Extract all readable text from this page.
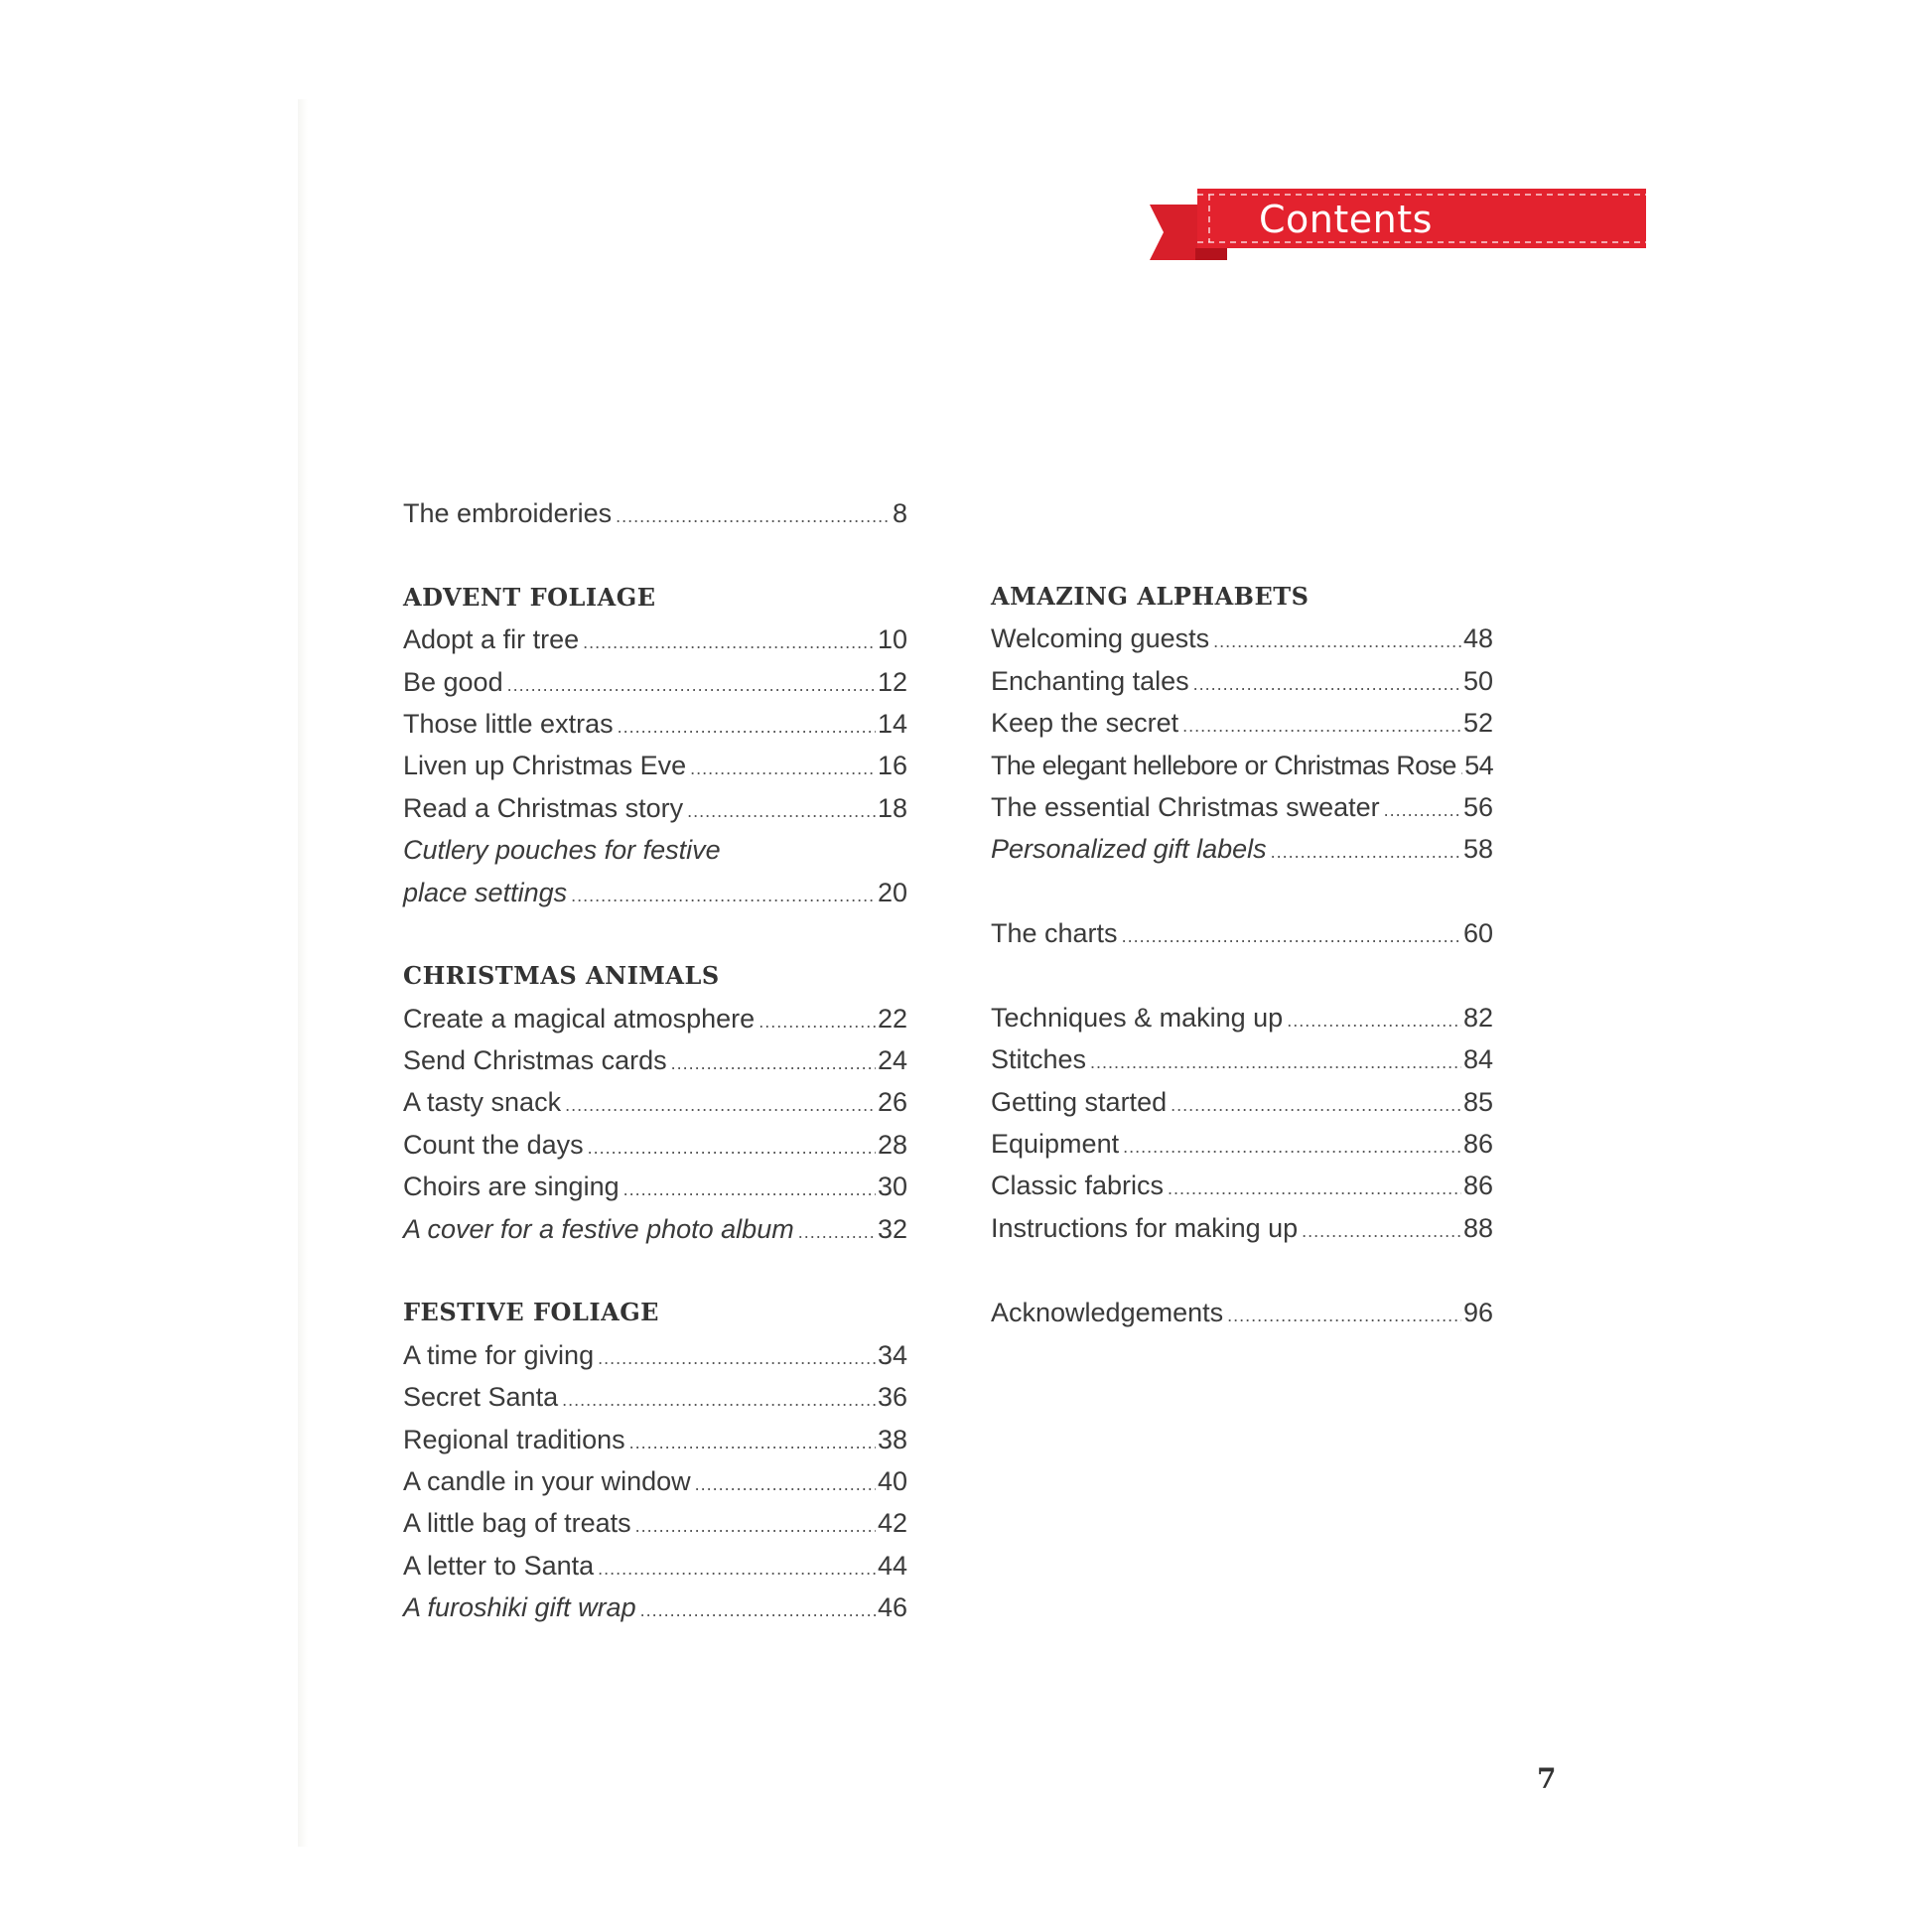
Contents
The embroideries .....	8
ADVENT FOLIAGE
Adopt a fir tree .....	10
Be good .....	12
Those little extras .....	14
Liven up Christmas Eve .....	16
Read a Christmas story .....	18
Cutlery pouches for festive
place settings .....	20
CHRISTMAS ANIMALS
Create a magical atmosphere .....	22
Send Christmas cards .....	24
A tasty snack .....	26
Count the days .....	28
Choirs are singing .....	30
A cover for a festive photo album .....	32
FESTIVE FOLIAGE
A time for giving .....	34
Secret Santa .....	36
Regional traditions .....	38
A candle in your window .....	40
A little bag of treats .....	42
A letter to Santa .....	44
A furoshiki gift wrap .....	46
AMAZING ALPHABETS
Welcoming guests .....	48
Enchanting tales .....	50
Keep the secret .....	52
The elegant hellebore or Christmas Rose ..... 54
The essential Christmas sweater .....	56
Personalized gift labels .....	58
The charts .....	60
Techniques & making up .....	82
Stitches .....	84
Getting started .....	85
Equipment .....	86
Classic fabrics .....	86
Instructions for making up .....	88
Acknowledgements .....	96
7
